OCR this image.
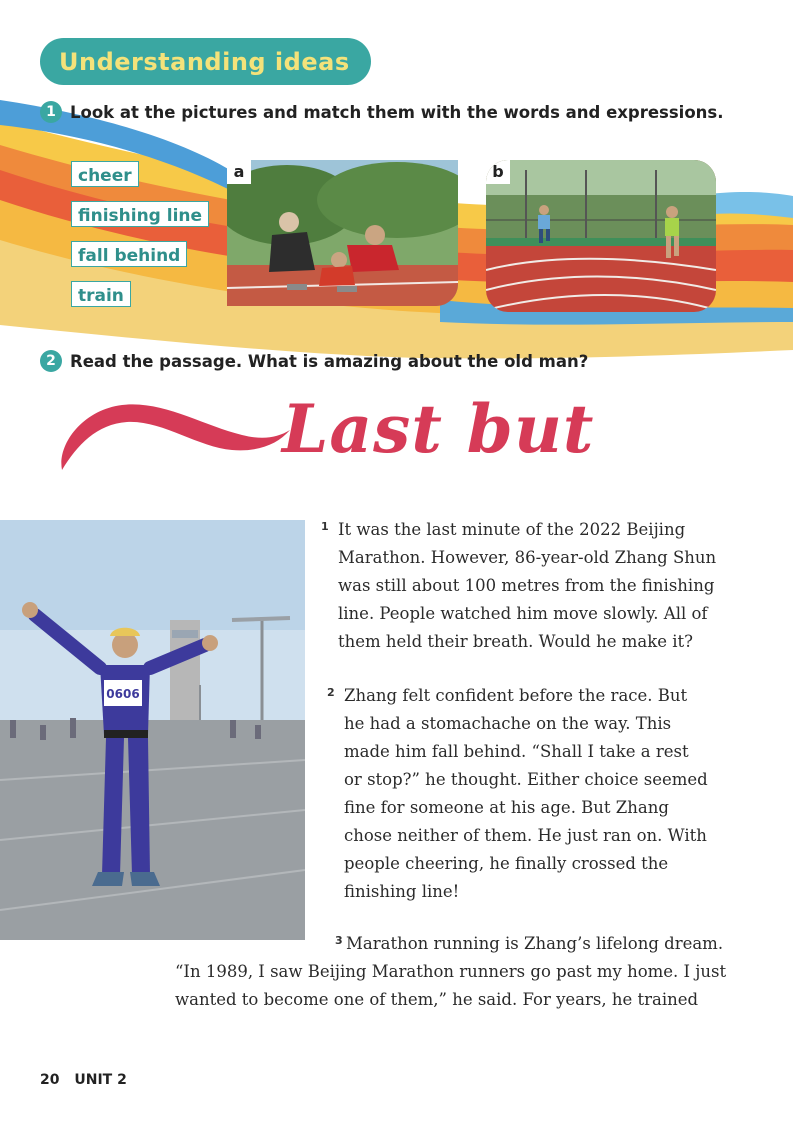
Understanding ideas
1 Look at the pictures and match them with the words and expressions.
cheer
finishing line
fall behind
train
a	b
2 Read the passage. What is amazing about the old man?
Last but
0606
1 It was the last minute of the 2022 Beijing
Marathon. However, 86-year-old Zhang Shun
was still about 100 metres from the finishing
line. People watched him move slowly. All of
them held their breath. Would he make it?
2 Zhang felt confident before the race. But
he had a stomachache on the way. This
made him fall behind. “Shall I take a rest
or stop?” he thought. Either choice seemed
fine for someone at his age. But Zhang
chose neither of them. He just ran on. With
people cheering, he finally crossed the
finishing line!
3 Marathon running is Zhang’s lifelong dream.
“In 1989, I saw Beijing Marathon runners go past my home. I just
wanted to become one of them,” he said. For years, he trained
20 UNIT 2
